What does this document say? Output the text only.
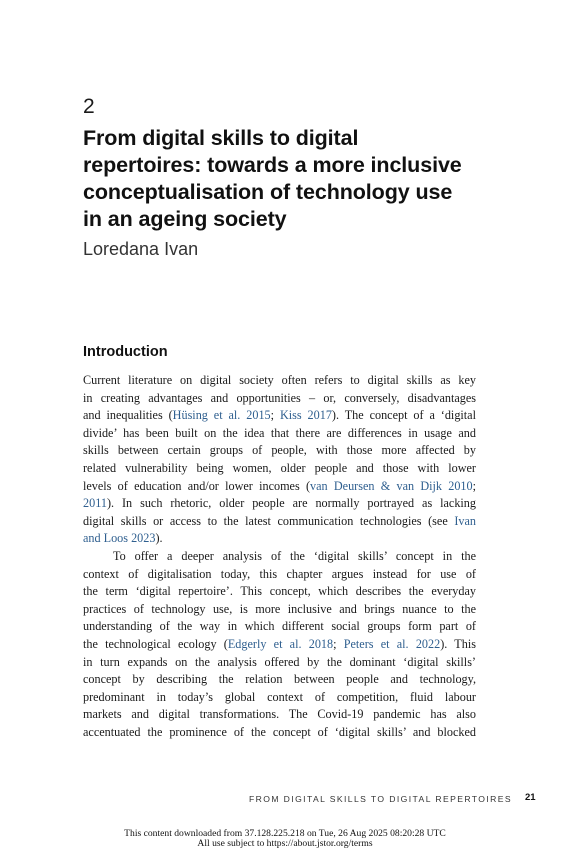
2
From digital skills to digital
repertoires: towards a more inclusive
conceptualisation of technology use
in an ageing society
Loredana Ivan
Introduction

Current literature on digital society often refers to digital skills as key
in creating advantages and opportunities – or, conversely, disadvantages
and inequalities (Hüsing et al. 2015; Kiss 2017). The concept of a ‘digital
divide’ has been built on the idea that there are differences in usage and
skills between certain groups of people, with those more affected by
related vulnerability being women, older people and those with lower
levels of education and/or lower incomes (van Deursen & van Dijk 2010;
2011). In such rhetoric, older people are normally portrayed as lacking
digital skills or access to the latest communication technologies (see Ivan
and Loos 2023).

To offer a deeper analysis of the ‘digital skills’ concept in the
context of digitalisation today, this chapter argues instead for use of
the term ‘digital repertoire’. This concept, which describes the everyday
practices of technology use, is more inclusive and brings nuance to the
understanding of the way in which different social groups form part of
the technological ecology (Edgerly et al. 2018; Peters et al. 2022). This
in turn expands on the analysis offered by the dominant ‘digital skills’
concept by describing the relation between people and technology,
predominant in today’s global context of competition, fluid labour
markets and digital transformations. The Covid-19 pandemic has also
accentuated the prominence of the concept of ‘digital skills’ and blocked

FROM DIGITAL SKILLS TO DIGITAL REPERTOIRES 21
This content downloaded from 37.128.225.218 on Tue, 26 Aug 2025 08:20:28 UTC
All use subject to https://about.jstor.org/terms
